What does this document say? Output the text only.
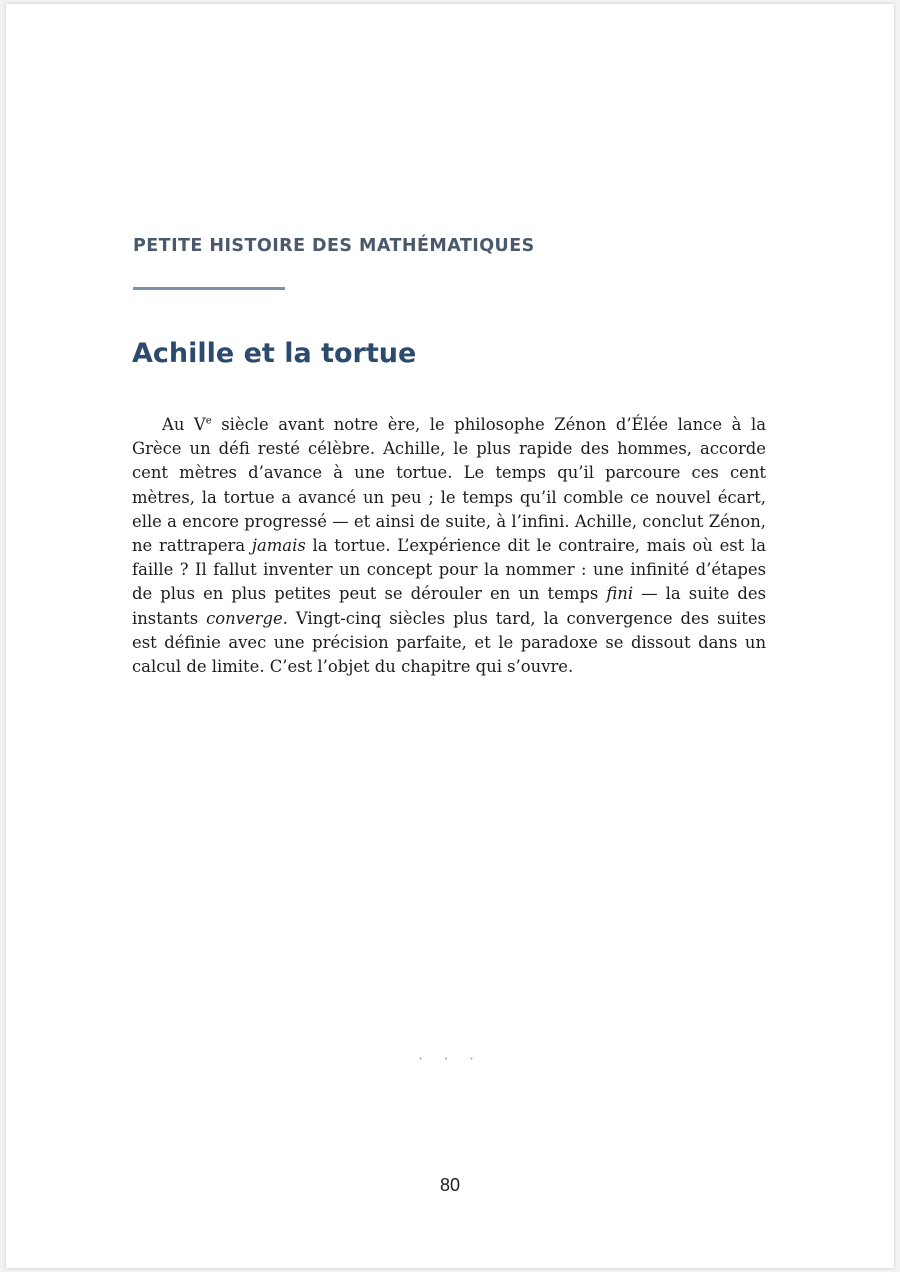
PETITE HISTOIRE DES MATHÉMATIQUES

Achille et la tortue

Au Ve siècle avant notre ère, le philosophe Zénon d’Élée lance à la Grèce un défi resté célèbre. Achille, le plus rapide des hommes, accorde cent mètres d’avance à une tortue. Le temps qu’il parcoure ces cent mètres, la tortue a avancé un peu ; le temps qu’il comble ce nouvel écart, elle a encore progressé — et ainsi de suite, à l’infini. Achille, conclut Zénon, ne rattrapera jamais la tortue. L’expérience dit le contraire, mais où est la faille ? Il fallut inventer un concept pour la nommer : une infinité d’étapes de plus en plus petites peut se dérouler en un temps fini — la suite des instants converge. Vingt-cinq siècles plus tard, la convergence des suites est définie avec une précision parfaite, et le paradoxe se dissout dans un calcul de limite. C’est l’objet du chapitre qui s’ouvre.

· · ·
80
